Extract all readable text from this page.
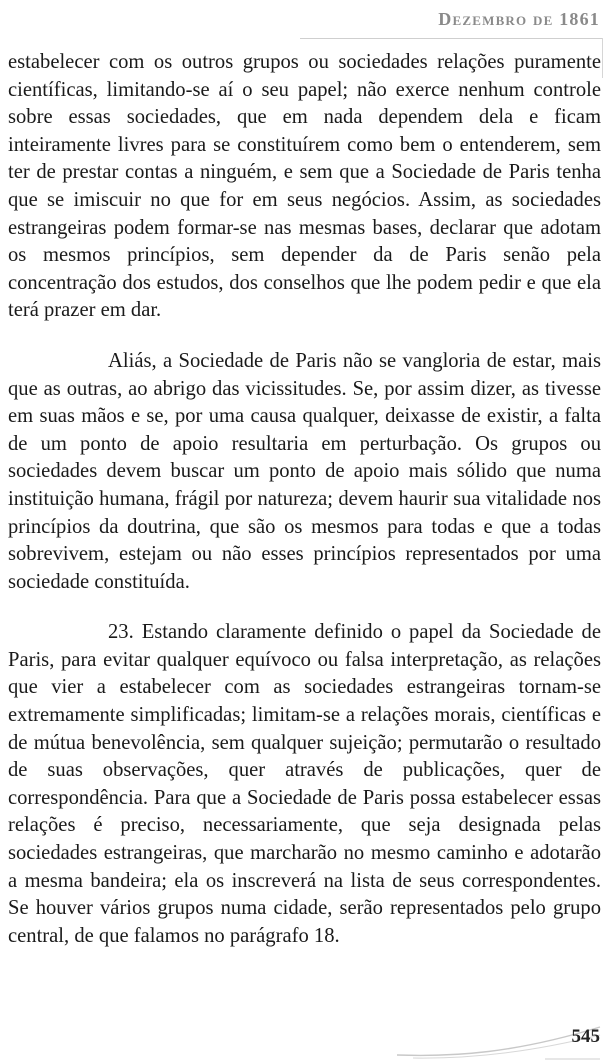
Dezembro de 1861

estabelecer com os outros grupos ou sociedades relações puramente científicas, limitando-se aí o seu papel; não exerce nenhum controle sobre essas sociedades, que em nada dependem dela e ficam inteiramente livres para se constituírem como bem o entenderem, sem ter de prestar contas a ninguém, e sem que a Sociedade de Paris tenha que se imiscuir no que for em seus negócios. Assim, as sociedades estrangeiras podem formar-se nas mesmas bases, declarar que adotam os mesmos princípios, sem depender da de Paris senão pela concentração dos estudos, dos conselhos que lhe podem pedir e que ela terá prazer em dar.

Aliás, a Sociedade de Paris não se vangloria de estar, mais que as outras, ao abrigo das vicissitudes. Se, por assim dizer, as tivesse em suas mãos e se, por uma causa qualquer, deixasse de existir, a falta de um ponto de apoio resultaria em perturbação. Os grupos ou sociedades devem buscar um ponto de apoio mais sólido que numa instituição humana, frágil por natureza; devem haurir sua vitalidade nos princípios da doutrina, que são os mesmos para todas e que a todas sobrevivem, estejam ou não esses princípios representados por uma sociedade constituída.

23. Estando claramente definido o papel da Sociedade de Paris, para evitar qualquer equívoco ou falsa interpretação, as relações que vier a estabelecer com as sociedades estrangeiras tornam-se extremamente simplificadas; limitam-se a relações morais, científicas e de mútua benevolência, sem qualquer sujeição; permutarão o resultado de suas observações, quer através de publicações, quer de correspondência. Para que a Sociedade de Paris possa estabelecer essas relações é preciso, necessariamente, que seja designada pelas sociedades estrangeiras, que marcharão no mesmo caminho e adotarão a mesma bandeira; ela os inscreverá na lista de seus correspondentes. Se houver vários grupos numa cidade, serão representados pelo grupo central, de que falamos no parágrafo 18.

545
